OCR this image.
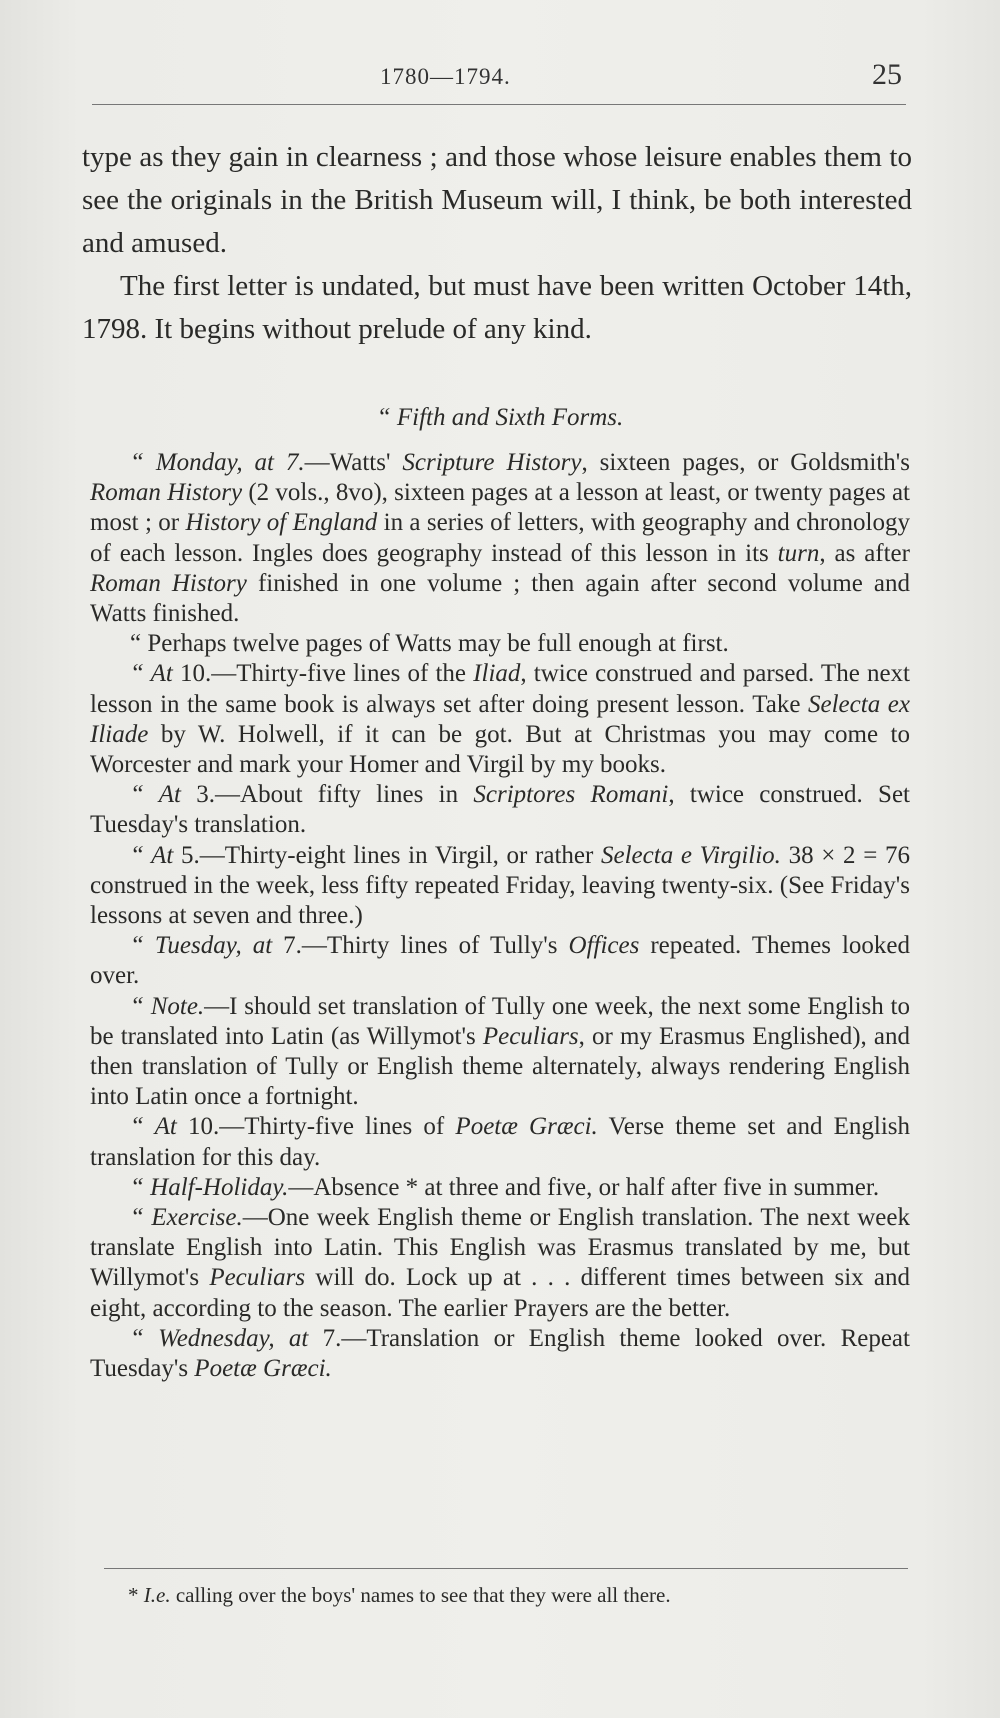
1780—1794.	25

type as they gain in clearness ; and those whose leisure enables them to see the originals in the British Museum will, I think, be both interested and amused.

The first letter is undated, but must have been written October 14th, 1798. It begins without prelude of any kind.

“ Fifth and Sixth Forms.

“ Monday, at 7.—Watts' Scripture History, sixteen pages, or Goldsmith's Roman History (2 vols., 8vo), sixteen pages at a lesson at least, or twenty pages at most ; or History of England in a series of letters, with geography and chronology of each lesson. Ingles does geography instead of this lesson in its turn, as after Roman History finished in one volume ; then again after second volume and Watts finished.

“ Perhaps twelve pages of Watts may be full enough at first.

“ At 10.—Thirty-five lines of the Iliad, twice construed and parsed. The next lesson in the same book is always set after doing present lesson. Take Selecta ex Iliade by W. Holwell, if it can be got. But at Christmas you may come to Worcester and mark your Homer and Virgil by my books.

“ At 3.—About fifty lines in Scriptores Romani, twice construed. Set Tuesday's translation.

“ At 5.—Thirty-eight lines in Virgil, or rather Selecta e Virgilio. 38 × 2 = 76 construed in the week, less fifty repeated Friday, leaving twenty-six. (See Friday's lessons at seven and three.)

“ Tuesday, at 7.—Thirty lines of Tully's Offices repeated. Themes looked over.

“ Note.—I should set translation of Tully one week, the next some English to be translated into Latin (as Willymot's Peculiars, or my Erasmus Englished), and then translation of Tully or English theme alternately, always rendering English into Latin once a fortnight.

“ At 10.—Thirty-five lines of Poetæ Græci. Verse theme set and English translation for this day.

“ Half-Holiday.—Absence * at three and five, or half after five in summer.

“ Exercise.—One week English theme or English translation. The next week translate English into Latin. This English was Erasmus translated by me, but Willymot's Peculiars will do. Lock up at . . . different times between six and eight, according to the season. The earlier Prayers are the better.

“ Wednesday, at 7.—Translation or English theme looked over. Repeat Tuesday's Poetæ Græci.

* I.e. calling over the boys' names to see that they were all there.
